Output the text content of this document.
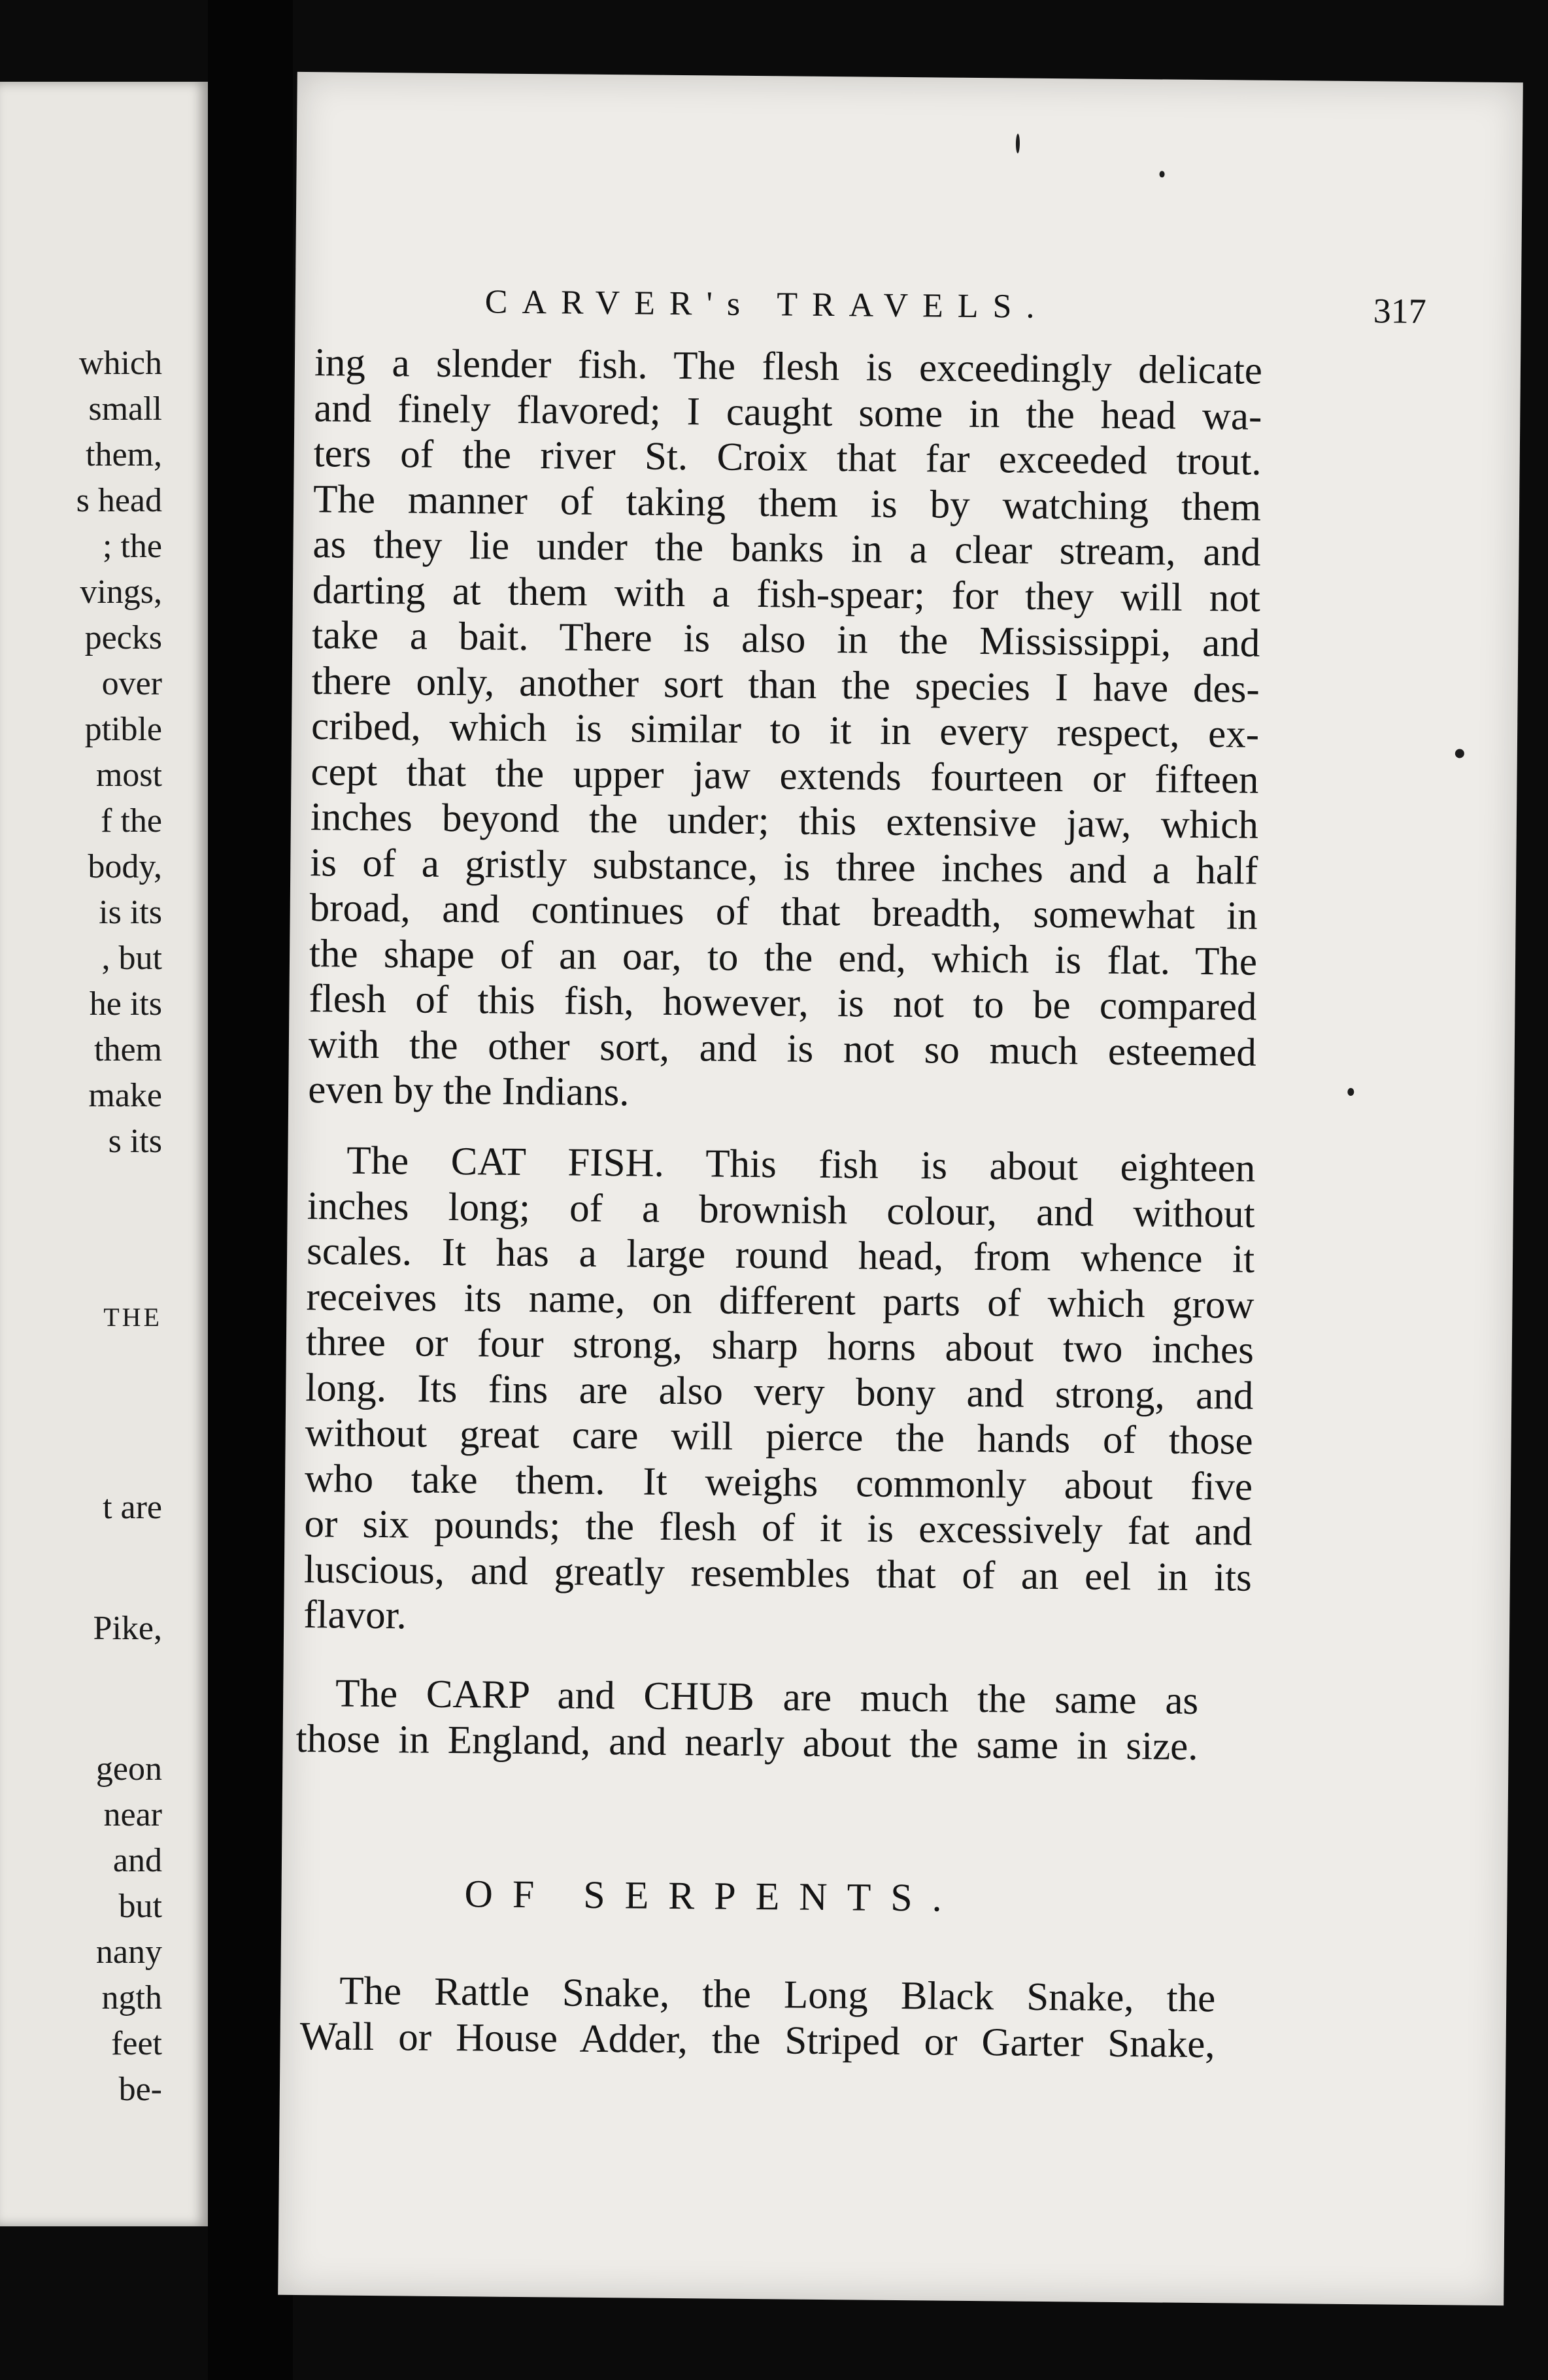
which
small
them,
s head
; the
vings,
pecks
over
ptible
most
f the
body,
is its
, but
he its
them
make
s its
THE
t are
Pike,
geon
near
and
but
nany
ngth
feet
be-
CARVER's TRAVELS.	317
ing a slender fish. The flesh is exceedingly delicate
and finely flavored; I caught some in the head wa-
ters of the river St. Croix that far exceeded trout.
The manner of taking them is by watching them
as they lie under the banks in a clear stream, and
darting at them with a fish-spear; for they will not
take a bait. There is also in the Mississippi, and
there only, another sort than the species I have des-
cribed, which is similar to it in every respect, ex-
cept that the upper jaw extends fourteen or fifteen
inches beyond the under; this extensive jaw, which
is of a gristly substance, is three inches and a half
broad, and continues of that breadth, somewhat in
the shape of an oar, to the end, which is flat. The
flesh of this fish, however, is not to be compared
with the other sort, and is not so much esteemed
even by the Indians.
The CAT FISH. This fish is about eighteen
inches long; of a brownish colour, and without
scales. It has a large round head, from whence it
receives its name, on different parts of which grow
three or four strong, sharp horns about two inches
long. Its fins are also very bony and strong, and
without great care will pierce the hands of those
who take them. It weighs commonly about five
or six pounds; the flesh of it is excessively fat and
luscious, and greatly resembles that of an eel in its
flavor.
The CARP and CHUB are much the same as
those in England, and nearly about the same in size.
OF SERPENTS.
The Rattle Snake, the Long Black Snake, the
Wall or House Adder, the Striped or Garter Snake,
